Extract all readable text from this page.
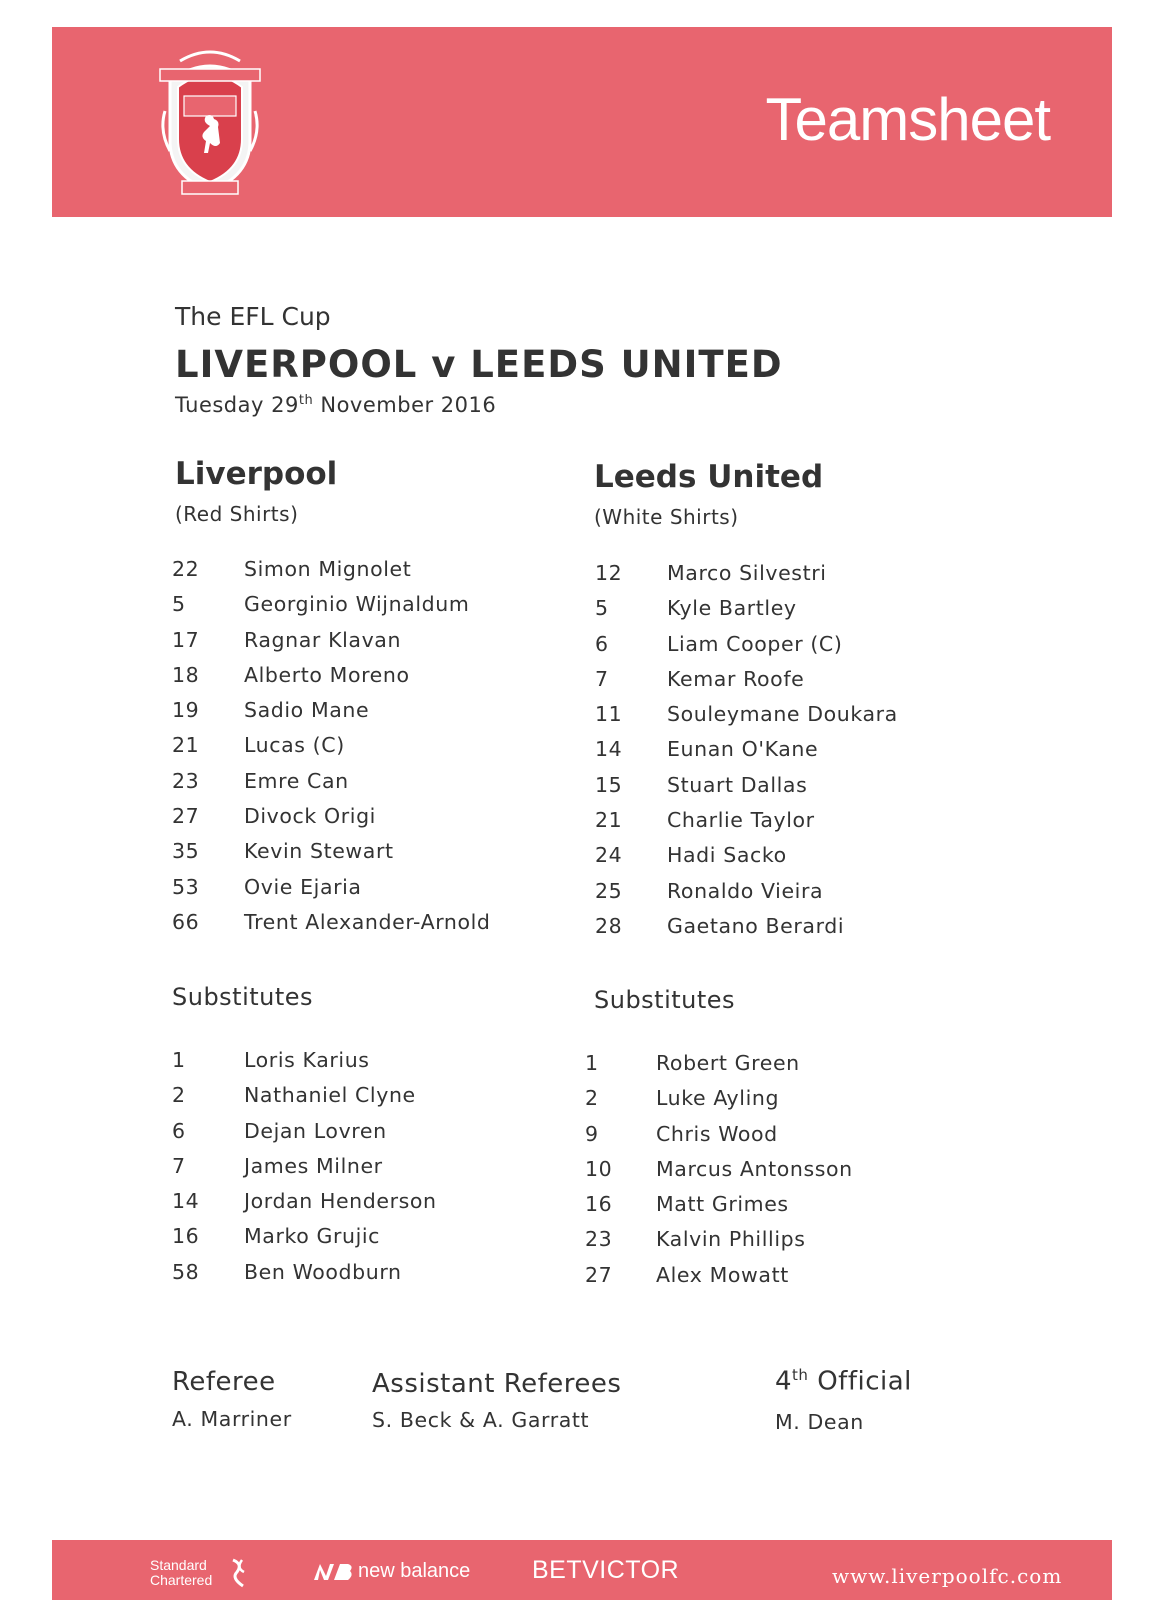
Teamsheet
The EFL Cup
LIVERPOOL v LEEDS UNITED
Tuesday 29th November 2016
Liverpool
(Red Shirts)
22 Simon Mignolet
5	Georginio Wijnaldum
17 Ragnar Klavan
18 Alberto Moreno
19 Sadio Mane
21 Lucas (C)
23 Emre Can
27 Divock Origi
35 Kevin Stewart
53 Ovie Ejaria
66 Trent Alexander-Arnold
Substitutes
1	Loris Karius
2	Nathaniel Clyne
6	Dejan Lovren
7	James Milner
14 Jordan Henderson
16 Marko Grujic
58 Ben Woodburn
Leeds United
(White Shirts)
12 Marco Silvestri
5	Kyle Bartley
6	Liam Cooper (C)
7	Kemar Roofe
11 Souleymane Doukara
14 Eunan O'Kane
15 Stuart Dallas
21 Charlie Taylor
24 Hadi Sacko
25 Ronaldo Vieira
28 Gaetano Berardi
Substitutes
1	Robert Green
2	Luke Ayling
9	Chris Wood
10 Marcus Antonsson
16 Matt Grimes
23 Kalvin Phillips
27 Alex Mowatt
Referee
A. Marriner
Assistant Referees
S. Beck & A. Garratt
4th Official
M. Dean
Standard
Chartered	new balance BETVICTOR	www.liverpoolfc.com
